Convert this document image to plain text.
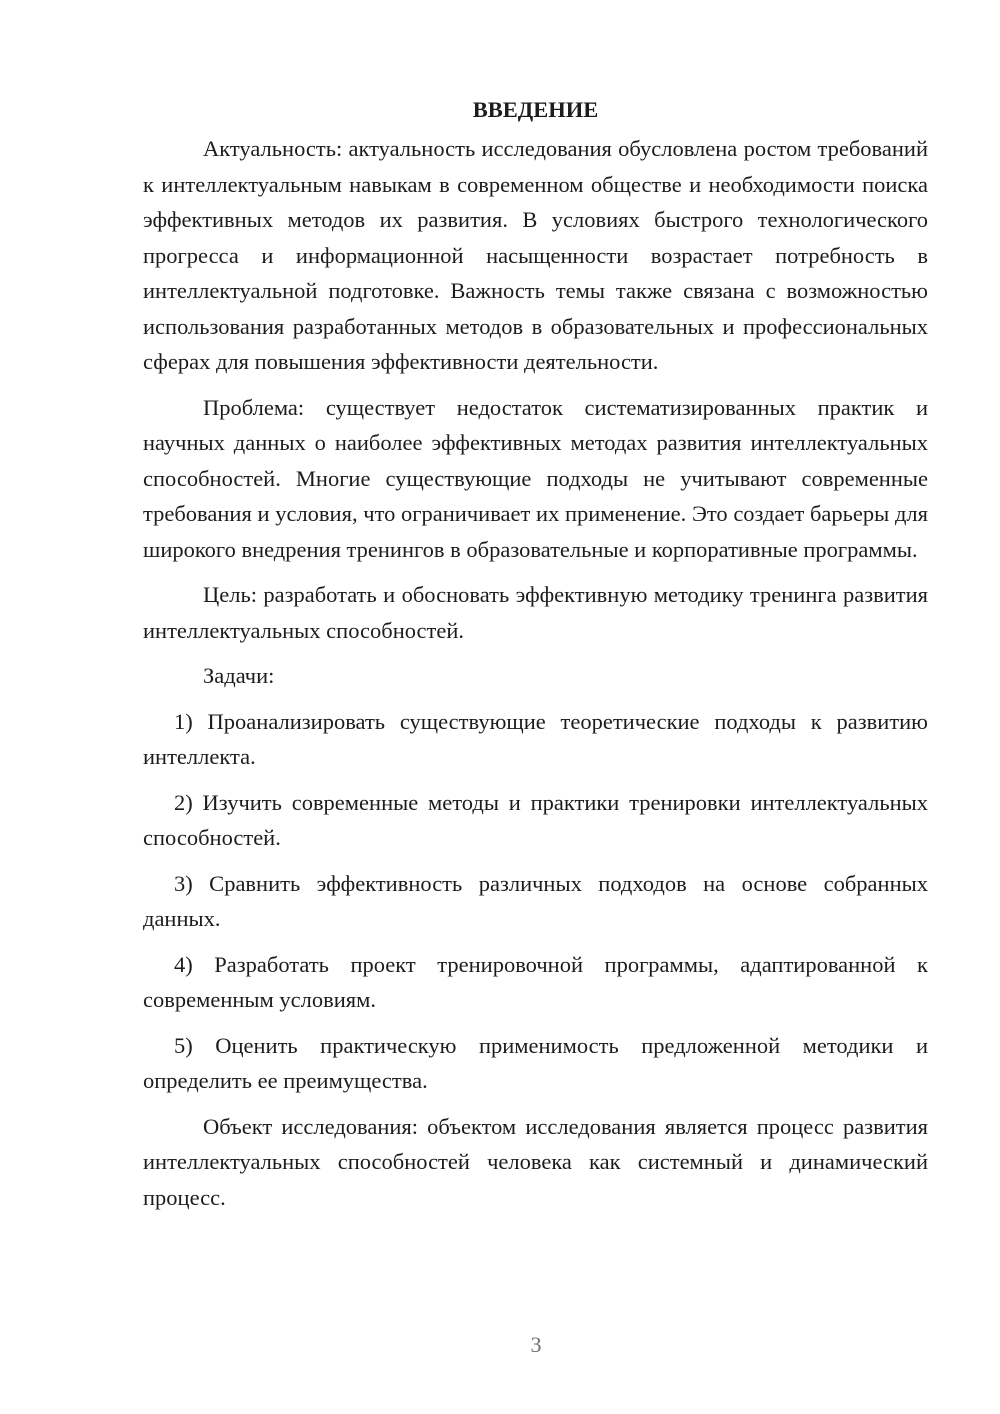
ВВЕДЕНИЕ

Актуальность: актуальность исследования обусловлена ростом требований к интеллектуальным навыкам в современном обществе и необходимости поиска эффективных методов их развития. В условиях быстрого технологического прогресса и информационной насыщенности возрастает потребность в интеллектуальной подготовке. Важность темы также связана с возможностью использования разработанных методов в образовательных и профессиональных сферах для повышения эффективности деятельности.

Проблема: существует недостаток систематизированных практик и научных данных о наиболее эффективных методах развития интеллектуальных способностей. Многие существующие подходы не учитывают современные требования и условия, что ограничивает их применение. Это создает барьеры для широкого внедрения тренингов в образовательные и корпоративные программы.

Цель: разработать и обосновать эффективную методику тренинга развития интеллектуальных способностей.

Задачи:

1) Проанализировать существующие теоретические подходы к развитию интеллекта.

2) Изучить современные методы и практики тренировки интеллектуальных способностей.

3) Сравнить эффективность различных подходов на основе собранных данных.

4) Разработать проект тренировочной программы, адаптированной к современным условиям.

5) Оценить практическую применимость предложенной методики и определить ее преимущества.

Объект исследования: объектом исследования является процесс развития интеллектуальных способностей человека как системный и динамический процесс.

3
